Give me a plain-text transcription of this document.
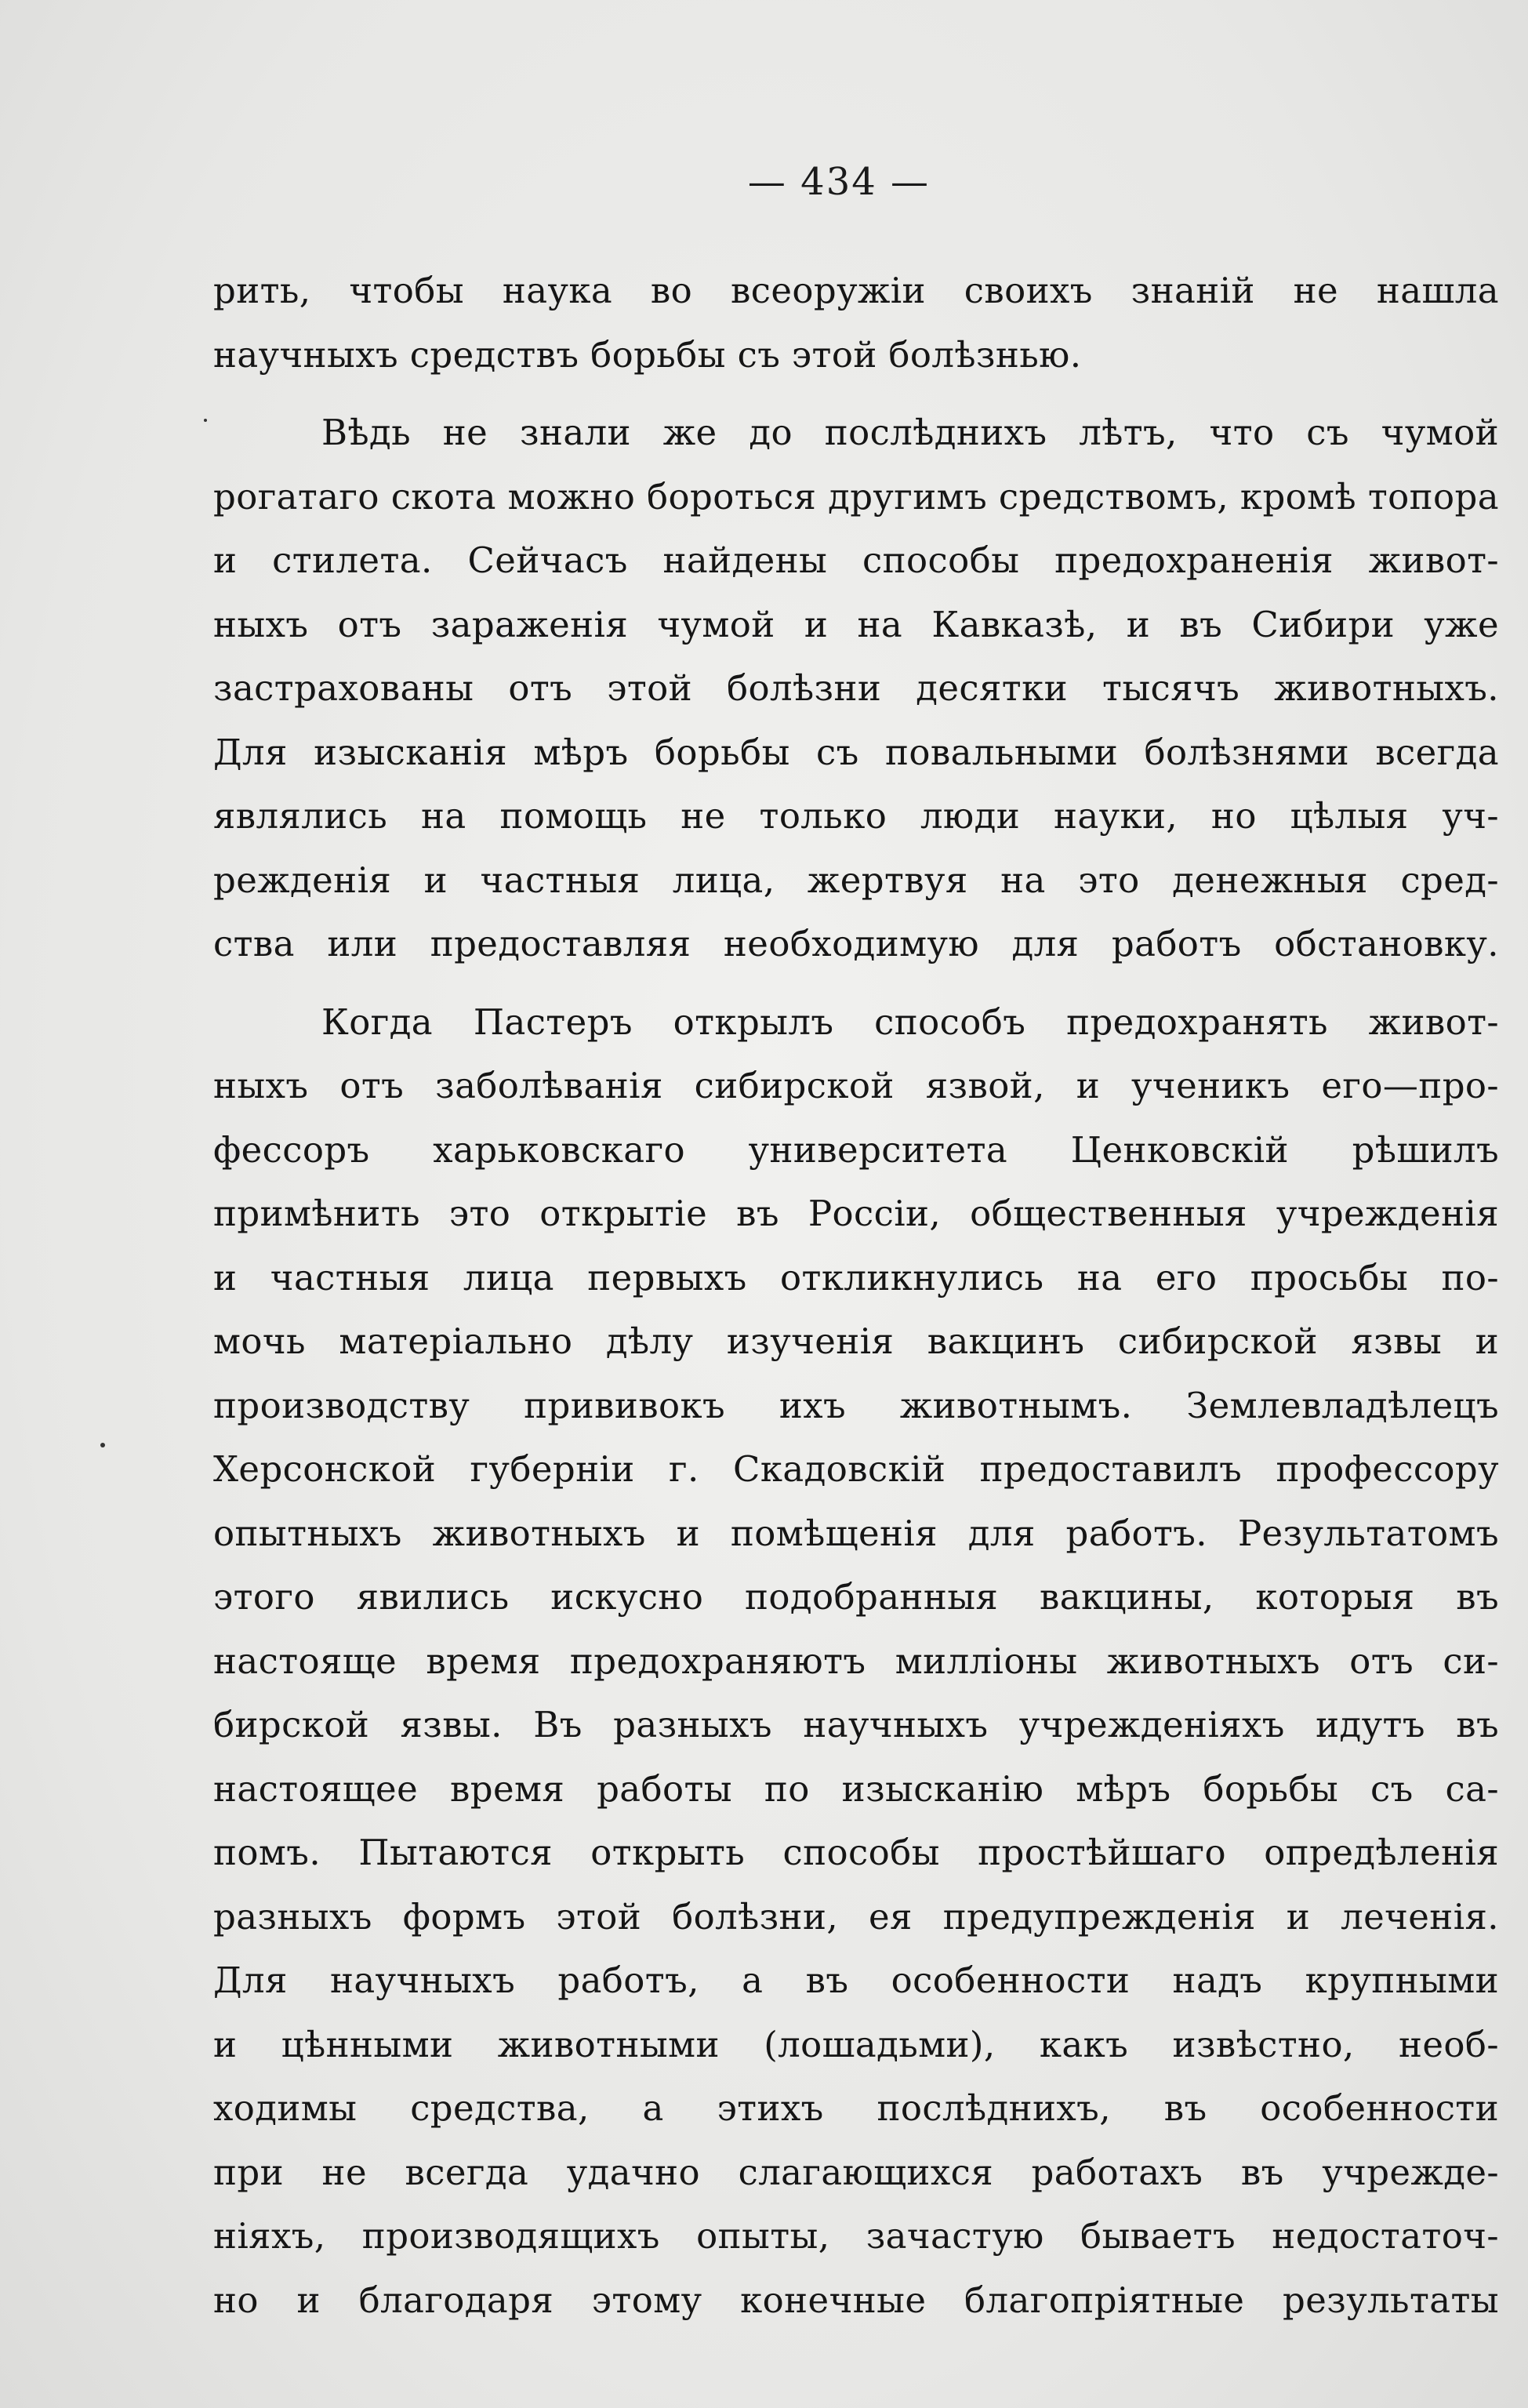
— 434 —
рить, чтобы наука во всеоружіи своихъ знаній не нашла
научныхъ средствъ борьбы съ этой болѣзнью.
Вѣдь не знали же до послѣднихъ лѣтъ, что съ чумой
рогатаго скота можно бороться другимъ средствомъ, кромѣ топора
и стилета. Сейчасъ найдены способы предохраненія живот-
ныхъ отъ зараженія чумой и на Кавказѣ, и въ Сибири уже
застрахованы отъ этой болѣзни десятки тысячъ животныхъ.
Для изысканія мѣръ борьбы съ повальными болѣзнями всегда
являлись на помощь не только люди науки, но цѣлыя уч-
режденія и частныя лица, жертвуя на это денежныя сред-
ства или предоставляя необходимую для работъ обстановку.
Когда Пастеръ открылъ способъ предохранять живот-
ныхъ отъ заболѣванія сибирской язвой, и ученикъ его—про-
фессоръ харьковскаго университета Ценковскій рѣшилъ
примѣнить это открытіе въ Россіи, общественныя учрежденія
и частныя лица первыхъ откликнулись на его просьбы по-
мочь матеріально дѣлу изученія вакцинъ сибирской язвы и
производству прививокъ ихъ животнымъ. Землевладѣлецъ
Херсонской губерніи г. Скадовскій предоставилъ профессору
опытныхъ животныхъ и помѣщенія для работъ. Результатомъ
этого явились искусно подобранныя вакцины, которыя въ
настояще время предохраняютъ милліоны животныхъ отъ си-
бирской язвы. Въ разныхъ научныхъ учрежденіяхъ идутъ въ
настоящее время работы по изысканію мѣръ борьбы съ са-
помъ. Пытаются открыть способы простѣйшаго опредѣленія
разныхъ формъ этой болѣзни, ея предупрежденія и леченія.
Для научныхъ работъ, а въ особенности надъ крупными
и цѣнными животными (лошадьми), какъ извѣстно, необ-
ходимы средства, а этихъ послѣднихъ, въ особенности
при не всегда удачно слагающихся работахъ въ учрежде-
ніяхъ, производящихъ опыты, зачастую бываетъ недостаточ-
но и благодаря этому конечные благопріятные результаты
